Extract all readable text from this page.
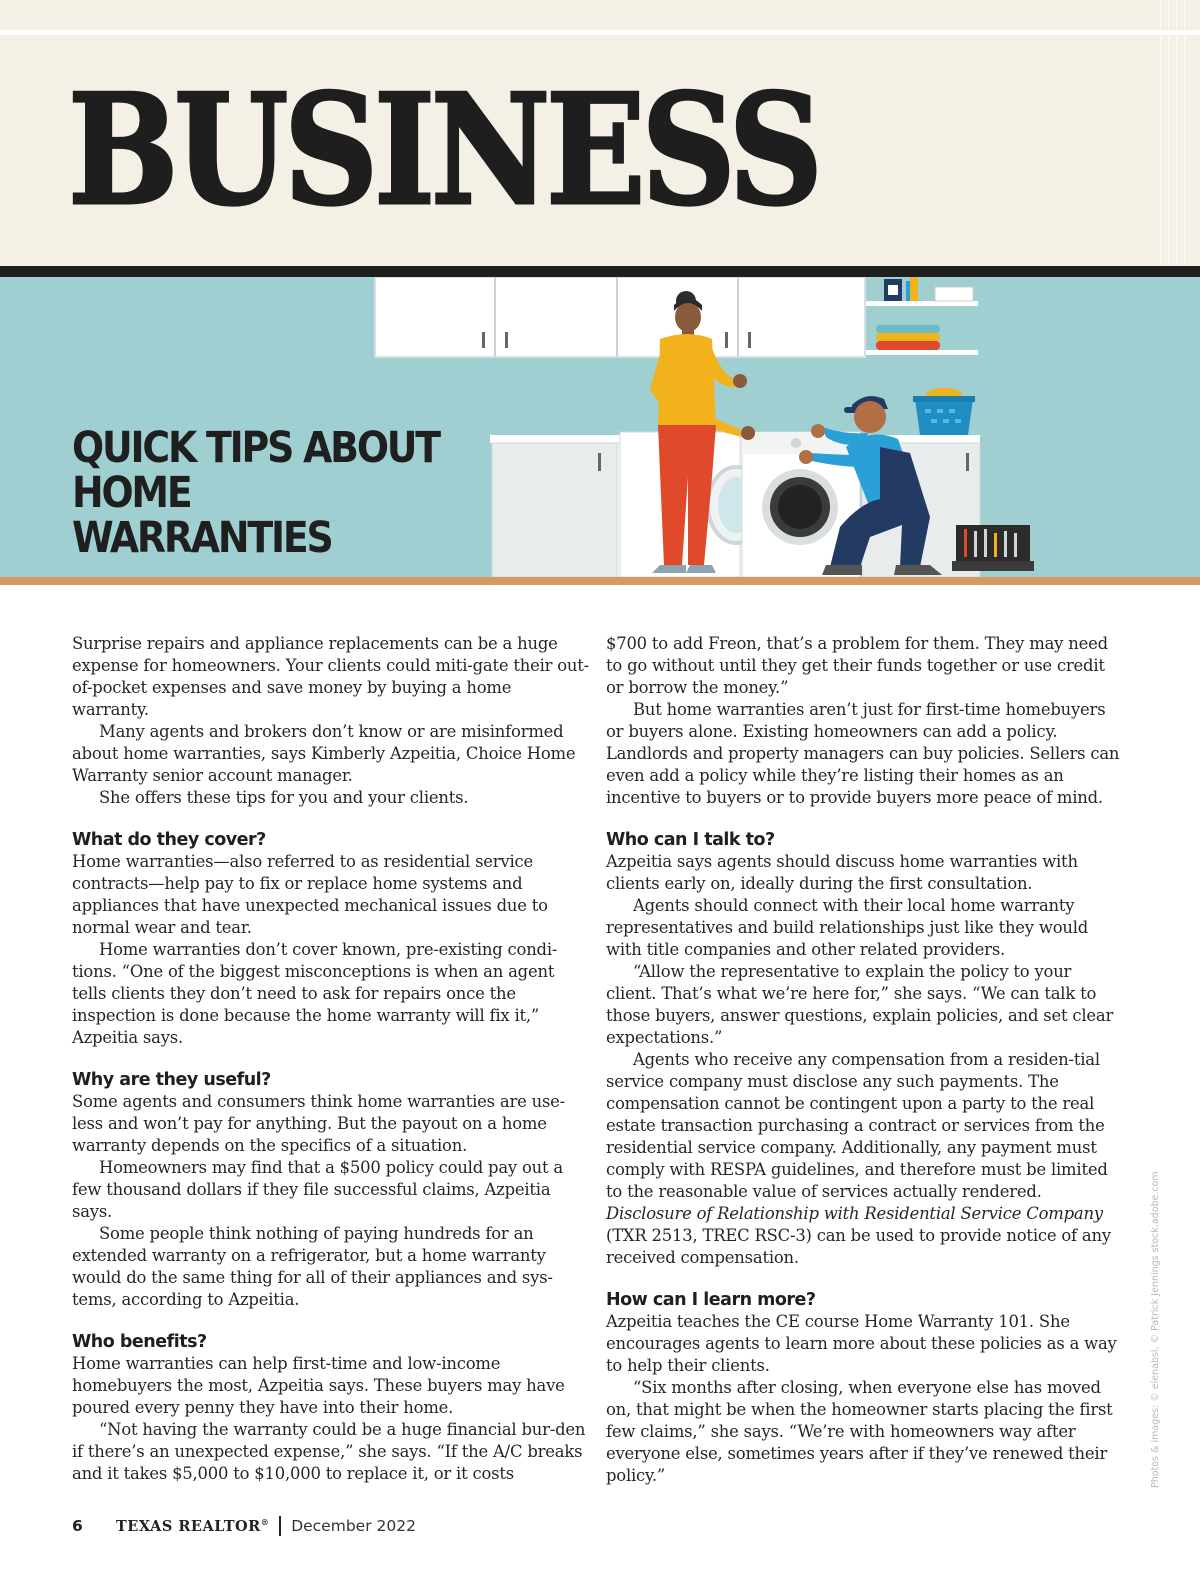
BUSINESS
QUICK TIPS ABOUT
HOME WARRANTIES

Surprise repairs and appliance replacements can be a huge expense for homeowners. Your clients could miti-gate their out-of-pocket expenses and save money by buying a home warranty.

Many agents and brokers don’t know or are misinformed about home warranties, says Kimberly Azpeitia, Choice Home Warranty senior account manager.

She offers these tips for you and your clients.

What do they cover?

Home warranties—also referred to as residential service contracts—help pay to fix or replace home systems and appliances that have unexpected mechanical issues due to normal wear and tear.

Home warranties don’t cover known, pre-existing condi-tions. “One of the biggest misconceptions is when an agent tells clients they don’t need to ask for repairs once the inspection is done because the home warranty will fix it,” Azpeitia says.

Why are they useful?

Some agents and consumers think home warranties are use-less and won’t pay for anything. But the payout on a home warranty depends on the specifics of a situation.

Homeowners may find that a $500 policy could pay out a few thousand dollars if they file successful claims, Azpeitia says.

Some people think nothing of paying hundreds for an extended warranty on a refrigerator, but a home warranty would do the same thing for all of their appliances and sys-tems, according to Azpeitia.

Who benefits?

Home warranties can help first-time and low-income homebuyers the most, Azpeitia says. These buyers may have poured every penny they have into their home.

“Not having the warranty could be a huge financial bur-den if there’s an unexpected expense,” she says. “If the A/C breaks and it takes $5,000 to $10,000 to replace it, or it costs

$700 to add Freon, that’s a problem for them. They may need to go without until they get their funds together or use credit or borrow the money.”

But home warranties aren’t just for first-time homebuyers or buyers alone. Existing homeowners can add a policy. Landlords and property managers can buy policies. Sellers can even add a policy while they’re listing their homes as an incentive to buyers or to provide buyers more peace of mind.

Who can I talk to?

Azpeitia says agents should discuss home warranties with clients early on, ideally during the first consultation.

Agents should connect with their local home warranty representatives and build relationships just like they would with title companies and other related providers.

“Allow the representative to explain the policy to your client. That’s what we’re here for,” she says. “We can talk to those buyers, answer questions, explain policies, and set clear expectations.”

Agents who receive any compensation from a residen-tial service company must disclose any such payments. The compensation cannot be contingent upon a party to the real estate transaction purchasing a contract or services from the residential service company. Additionally, any payment must comply with RESPA guidelines, and therefore must be limited to the reasonable value of services actually rendered.

Disclosure of Relationship with Residential Service Company (TXR 2513, TREC RSC-3) can be used to provide notice of any received compensation.

How can I learn more?

Azpeitia teaches the CE course Home Warranty 101. She encourages agents to learn more about these policies as a way to help their clients.

“Six months after closing, when everyone else has moved on, that might be when the homeowner starts placing the first few claims,” she says. “We’re with homeowners way after everyone else, sometimes years after if they’ve renewed their policy.”	Photos & images: © elenabsl, © Patrick Jennings stock.adobe.com
6	TEXAS REALTOR® December 2022
